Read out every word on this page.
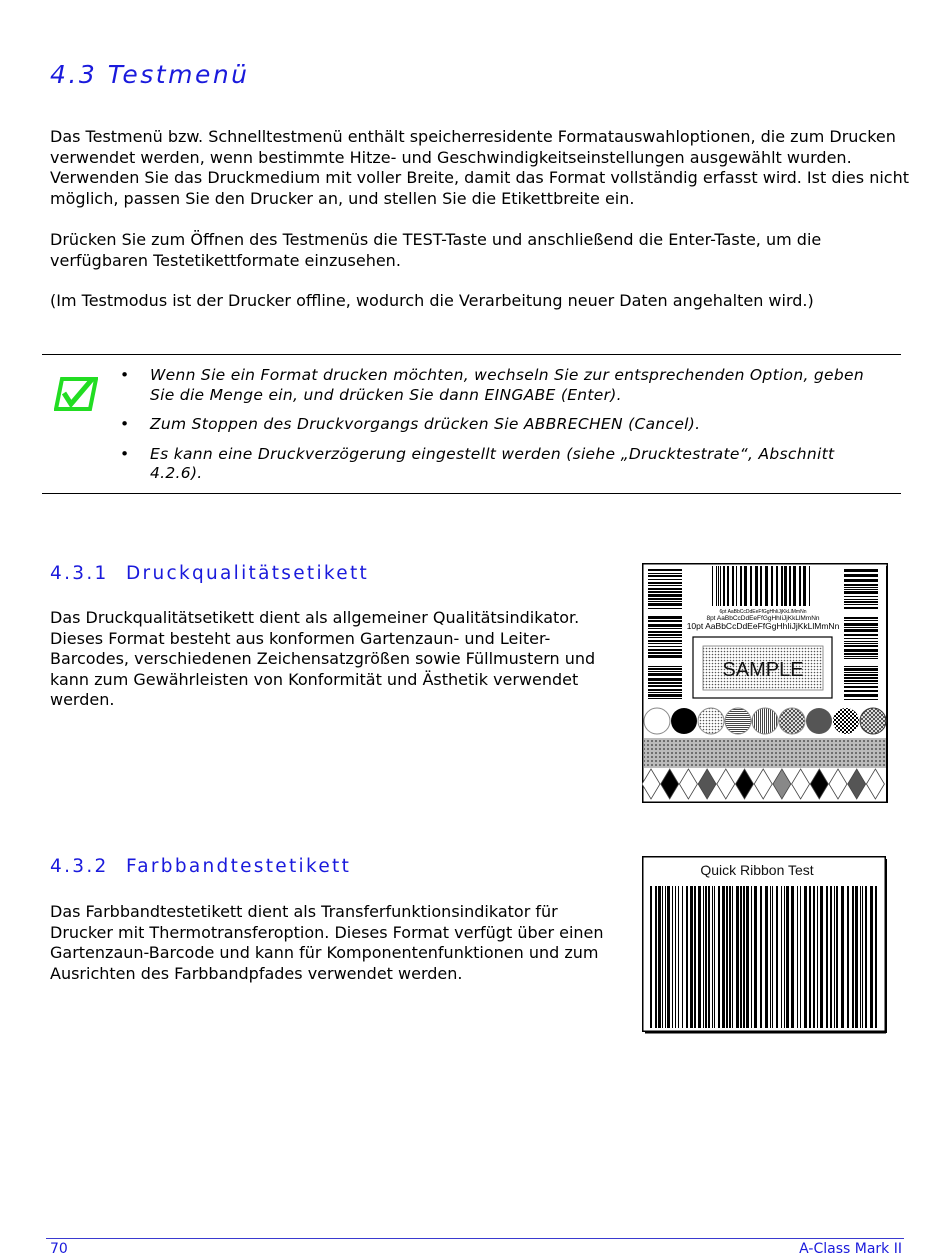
4.3 Testmenü

Das Testmenü bzw. Schnelltestmenü enthält speicherresidente Formatauswahloptionen, die zum Drucken verwendet werden, wenn bestimmte Hitze- und Geschwindigkeitseinstellungen ausgewählt wurden. Verwenden Sie das Druckmedium mit voller Breite, damit das Format vollständig erfasst wird. Ist dies nicht möglich, passen Sie den Drucker an, und stellen Sie die Etikettbreite ein.

Drücken Sie zum Öffnen des Testmenüs die TEST-Taste und anschließend die Enter-Taste, um die verfügbaren Testetikettformate einzusehen.

(Im Testmodus ist der Drucker offline, wodurch die Verarbeitung neuer Daten angehalten wird.)

• Wenn Sie ein Format drucken möchten, wechseln Sie zur entsprechenden Option, geben Sie die Menge ein, und drücken Sie dann EINGABE (Enter).
• Zum Stoppen des Druckvorgangs drücken Sie ABBRECHEN (Cancel).
• Es kann eine Druckverzögerung eingestellt werden (siehe „Drucktestrate“, Abschnitt 4.2.6).
4.3.1 Druckqualitätsetikett

Das Druckqualitätsetikett dient als allgemeiner Qualitätsindikator. Dieses Format besteht aus konformen Gartenzaun- und Leiter-Barcodes, verschiedenen Zeichensatzgrößen sowie Füllmustern und kann zum Gewährleisten von Konformität und Ästhetik verwendet werden.

6pt AaBbCcDdEeFfGgHhIiJjKkLlMmNn
8pt AaBbCcDdEeFfGgHhIiJjKkLlMmNn
10pt AaBbCcDdEeFfGgHhIiJjKkLlMmNn
SAMPLE
4.3.2 Farbbandtestetikett

Das Farbbandtestetikett dient als Transferfunktionsindikator für Drucker mit Thermotransferoption. Dieses Format verfügt über einen Gartenzaun-Barcode und kann für Komponentenfunktionen und zum Ausrichten des Farbbandpfades verwendet werden.

Quick Ribbon Test
70	A-Class Mark II
